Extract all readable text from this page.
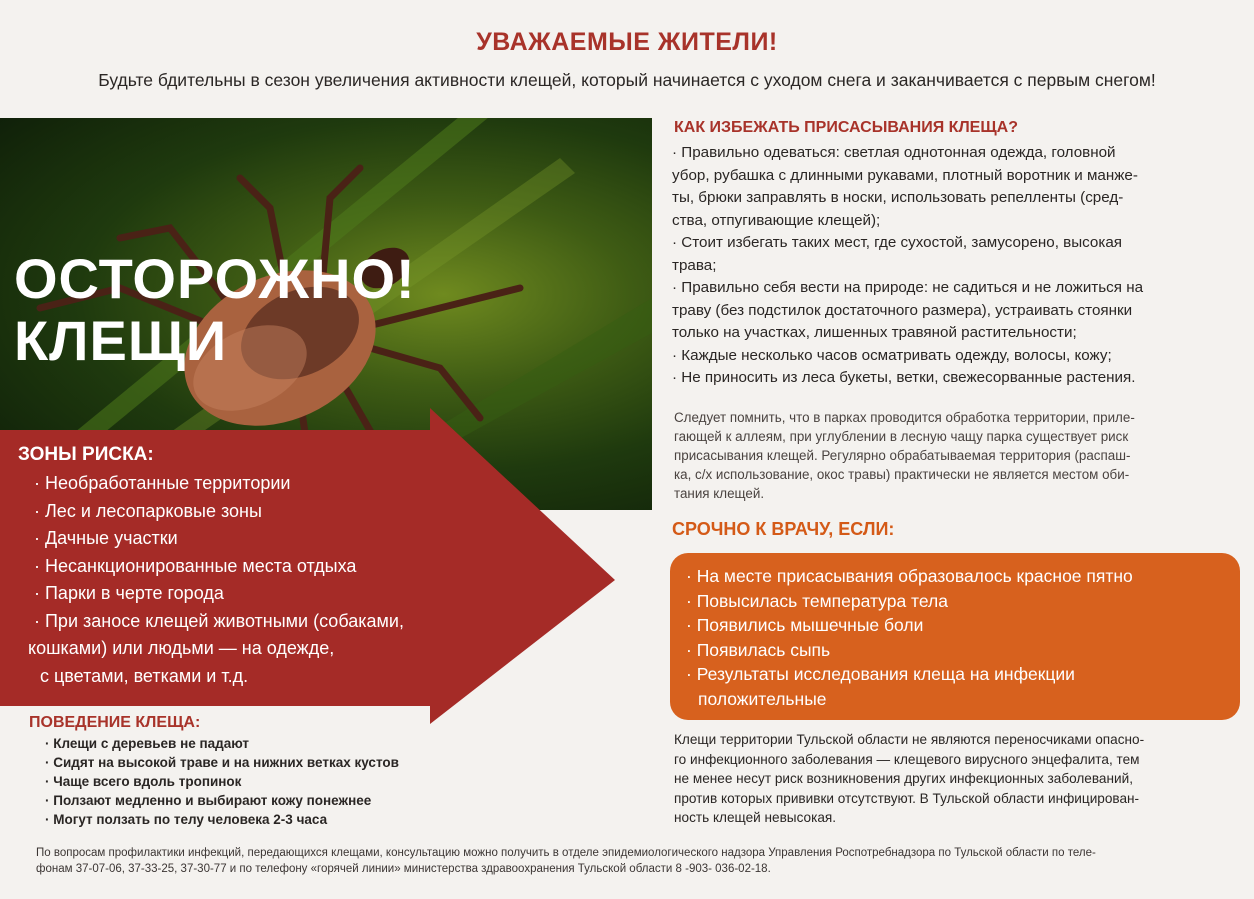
УВАЖАЕМЫЕ ЖИТЕЛИ!
Будьте бдительны в сезон увеличения активности клещей, который начинается с уходом снега и заканчивается с первым снегом!
ОСТОРОЖНО!
КЛЕЩИ
ЗОНЫ РИСКА:
· Необработанные территории
· Лес и лесопарковые зоны
· Дачные участки
· Несанкционированные места отдыха
· Парки в черте города
· При заносе клещей животными (собаками,
кошками) или людьми — на одежде,
с цветами, ветками и т.д.
ПОВЕДЕНИЕ КЛЕЩА:
· Клещи с деревьев не падают
· Сидят на высокой траве и на нижних ветках кустов
· Чаще всего вдоль тропинок
· Ползают медленно и выбирают кожу понежнее
· Могут ползать по телу человека 2-3 часа
КАК ИЗБЕЖАТЬ ПРИСАСЫВАНИЯ КЛЕЩА?
· Правильно одеваться: светлая однотонная одежда, головной
убор, рубашка с длинными рукавами, плотный воротник и манже-
ты, брюки заправлять в носки, использовать репелленты (сред-
ства, отпугивающие клещей);
· Стоит избегать таких мест, где сухостой, замусорено, высокая
трава;
· Правильно себя вести на природе: не садиться и не ложиться на
траву (без подстилок достаточного размера), устраивать стоянки
только на участках, лишенных травяной растительности;
· Каждые несколько часов осматривать одежду, волосы, кожу;
· Не приносить из леса букеты, ветки, свежесорванные растения.
Следует помнить, что в парках проводится обработка территории, приле-
гающей к аллеям, при углублении в лесную чащу парка существует риск
присасывания клещей. Регулярно обрабатываемая территория (распаш-
ка, с/х использование, окос травы) практически не является местом оби-
тания клещей.
СРОЧНО К ВРАЧУ, ЕСЛИ:
· На месте присасывания образовалось красное пятно
· Повысилась температура тела
· Появились мышечные боли
· Появилась сыпь
· Результаты исследования клеща на инфекции
положительные
Клещи территории Тульской области не являются переносчиками опасно-
го инфекционного заболевания — клещевого вирусного энцефалита, тем
не менее несут риск возникновения других инфекционных заболеваний,
против которых прививки отсутствуют. В Тульской области инфицирован-
ность клещей невысокая.
По вопросам профилактики инфекций, передающихся клещами, консультацию можно получить в отделе эпидемиологического надзора Управления Роспотребнадзора по Тульской области по теле-
фонам 37-07-06, 37-33-25, 37-30-77 и по телефону «горячей линии» министерства здравоохранения Тульской области 8 -903- 036-02-18.
